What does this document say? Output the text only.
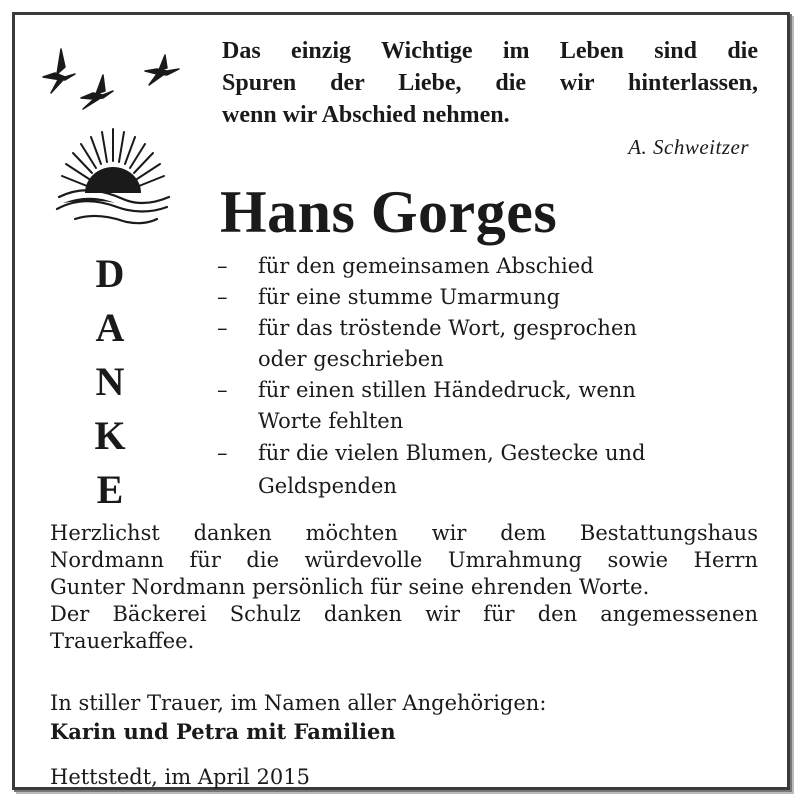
Das einzig Wichtige im Leben sind die
Spuren der Liebe, die wir hinterlassen,
wenn wir Abschied nehmen.
A. Schweitzer
Hans Gorges
D
A
N
K
E
– für den gemeinsamen Abschied
– für eine stumme Umarmung
– für das tröstende Wort, gesprochen
oder geschrieben
– für einen stillen Händedruck, wenn
Worte fehlten
– für die vielen Blumen, Gestecke und
Geldspenden
Herzlichst danken möchten wir dem Bestattungshaus
Nordmann für die würdevolle Umrahmung sowie Herrn
Gunter Nordmann persönlich für seine ehrenden Worte.
Der Bäckerei Schulz danken wir für den angemessenen
Trauerkaffee.
In stiller Trauer, im Namen aller Angehörigen:
Karin und Petra mit Familien
Hettstedt, im April 2015
